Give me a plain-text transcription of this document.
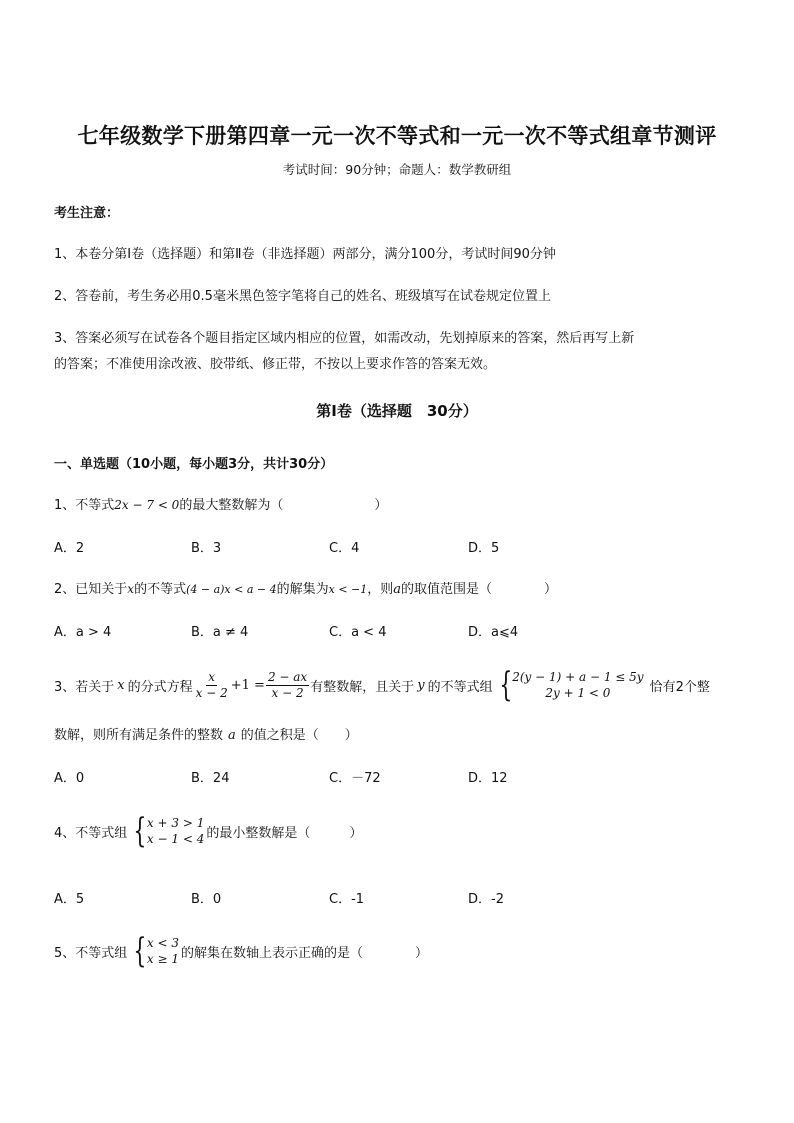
七年级数学下册第四章一元一次不等式和一元一次不等式组章节测评
考试时间：90分钟；命题人：数学教研组
考生注意：
1、本卷分第Ⅰ卷（选择题）和第Ⅱ卷（非选择题）两部分，满分100分，考试时间90分钟
2、答卷前，考生务必用0.5毫米黑色签字笔将自己的姓名、班级填写在试卷规定位置上
3、答案必须写在试卷各个题目指定区域内相应的位置，如需改动，先划掉原来的答案，然后再写上新
的答案；不准使用涂改液、胶带纸、修正带，不按以上要求作答的答案无效。
第Ⅰ卷（选择题　30分）
一、单选题（10小题，每小题3分，共计30分）
1、不等式2x − 7 < 0的最大整数解为（　　　　　　　）
A．2	B．3	C．4	D．5
2、已知关于x的不等式(4 − a)x < a − 4的解集为x < −1，则a的取值范围是（　　　　）
A．a > 4	B．a ≠ 4	C．a < 4	D．a⩽4
3、若关于 x 的分式方程 $\frac{x}{x - 2} +1 = \frac{2 - ax}{x - 2}$ 有整数解，且关于 y 的不等式组 { 2(y − 1) + a − 1 ≤ 5y
2y + 1 < 0	恰有2个整
数解，则所有满足条件的整数 a 的值之积是（　　）
A．0	B．24	C．－72	D．12
4、不等式组 { x + 3 > 1
x − 1 < 4 的最小整数解是（　　　）
A．5	B．0	C．-1	D．-2
5、不等式组 { x < 3
x ≥ 1 的解集在数轴上表示正确的是（　　　　）
